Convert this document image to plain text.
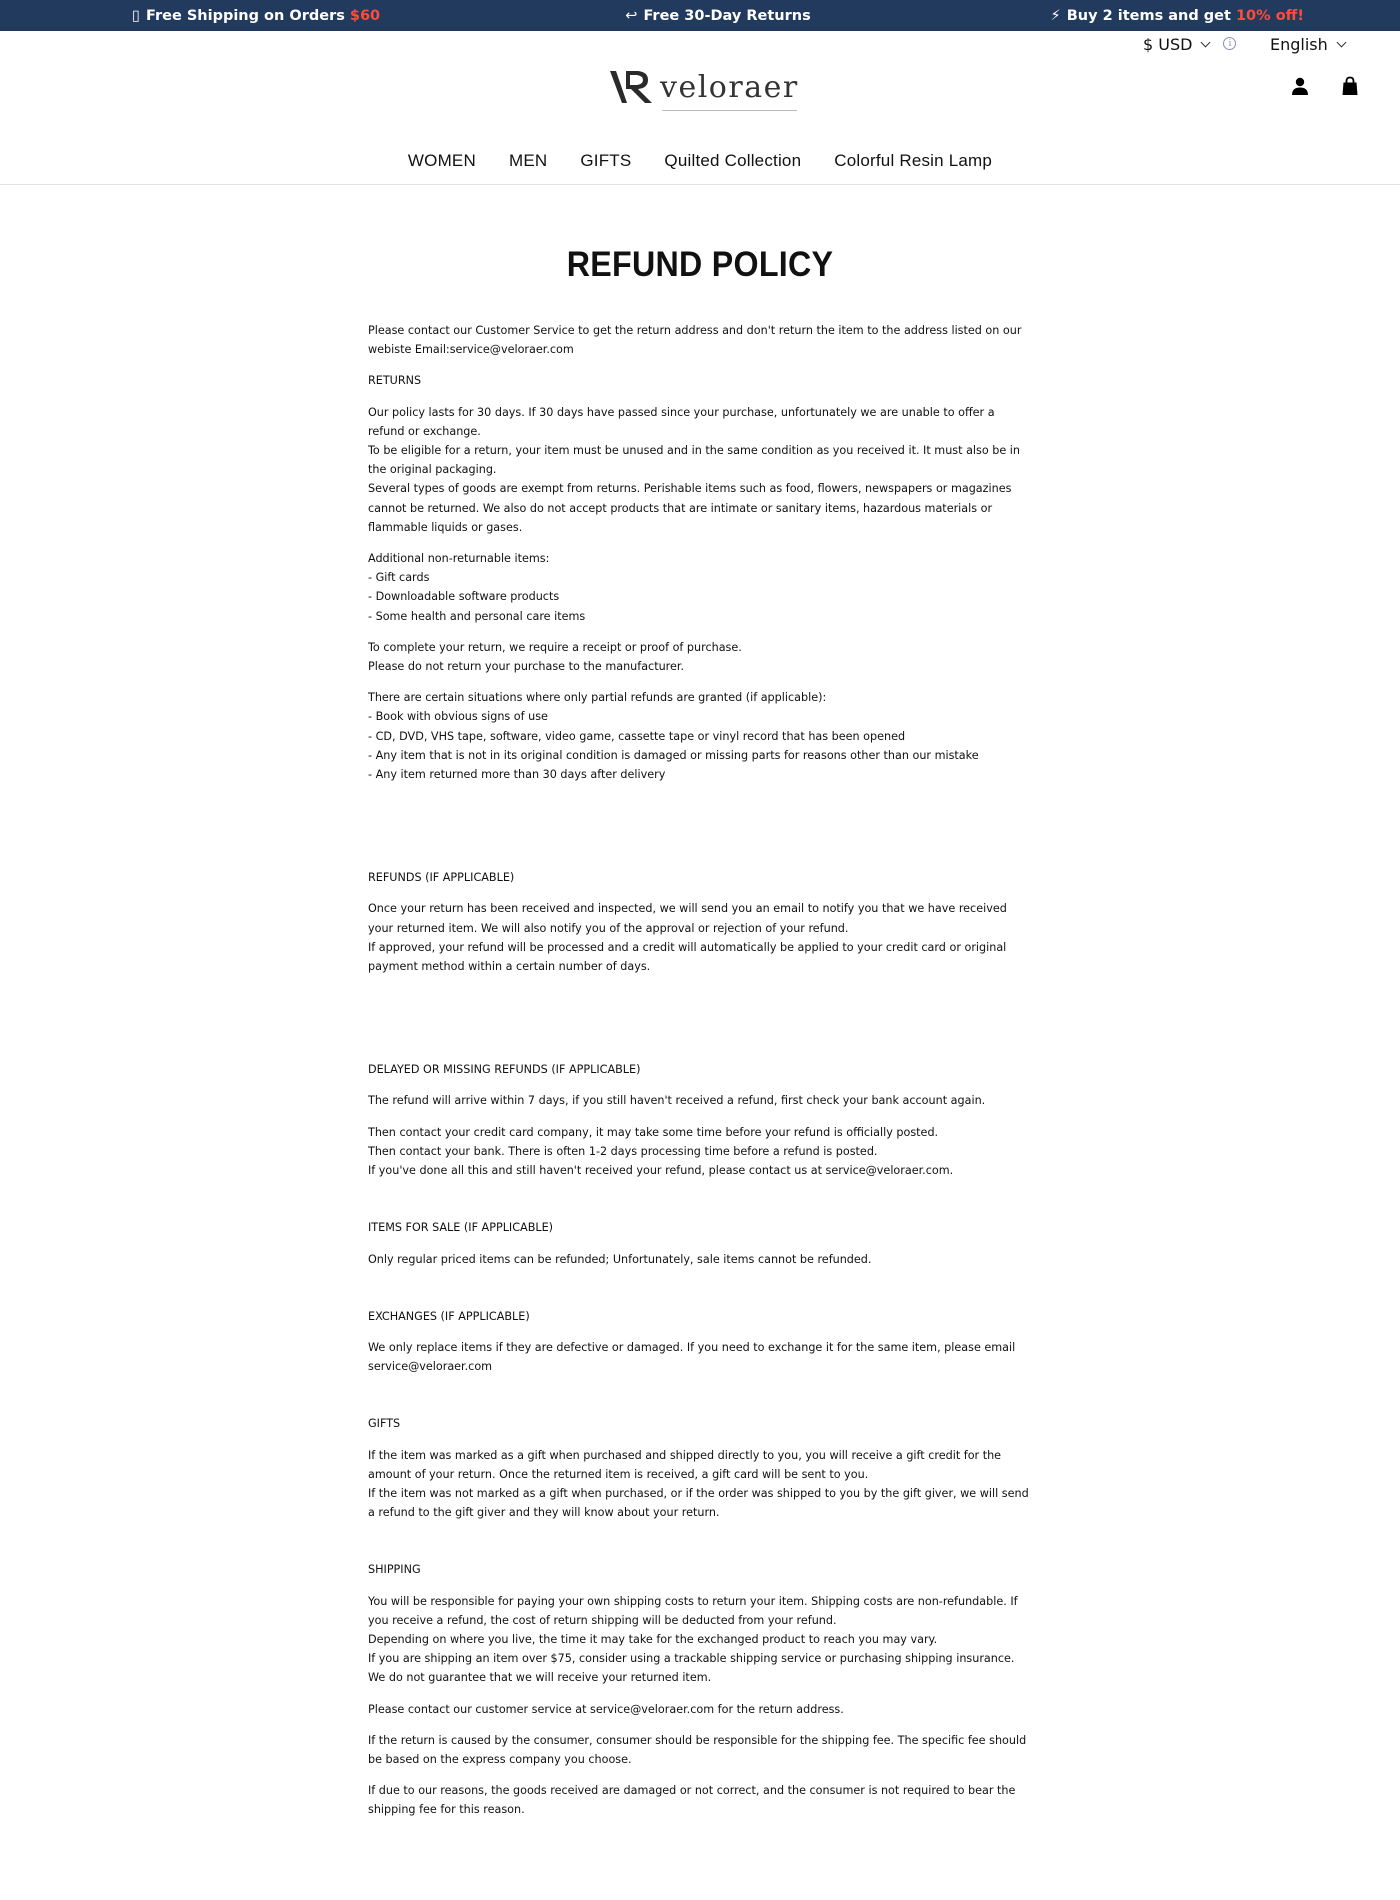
▯ Free Shipping on Orders $60	↩ Free 30-Day Returns	⚡ Buy 2 items and get 10% off!
$ USD	i	English
veloraer
WOMEN MEN GIFTS Quilted Collection Colorful Resin Lamp
REFUND POLICY

Please contact our Customer Service to get the return address and don't return the item to the address listed on our webiste Email:service@veloraer.com

RETURNS

Our policy lasts for 30 days. If 30 days have passed since your purchase, unfortunately we are unable to offer a refund or exchange.
To be eligible for a return, your item must be unused and in the same condition as you received it. It must also be in the original packaging.
Several types of goods are exempt from returns. Perishable items such as food, flowers, newspapers or magazines cannot be returned. We also do not accept products that are intimate or sanitary items, hazardous materials or flammable liquids or gases.

Additional non-returnable items:
- Gift cards
- Downloadable software products
- Some health and personal care items

To complete your return, we require a receipt or proof of purchase.
Please do not return your purchase to the manufacturer.

There are certain situations where only partial refunds are granted (if applicable):
- Book with obvious signs of use
- CD, DVD, VHS tape, software, video game, cassette tape or vinyl record that has been opened
- Any item that is not in its original condition is damaged or missing parts for reasons other than our mistake
- Any item returned more than 30 days after delivery

REFUNDS (IF APPLICABLE)

Once your return has been received and inspected, we will send you an email to notify you that we have received your returned item. We will also notify you of the approval or rejection of your refund.
If approved, your refund will be processed and a credit will automatically be applied to your credit card or original payment method within a certain number of days.

DELAYED OR MISSING REFUNDS (IF APPLICABLE)

The refund will arrive within 7 days, if you still haven't received a refund, first check your bank account again.

Then contact your credit card company, it may take some time before your refund is officially posted.
Then contact your bank. There is often 1-2 days processing time before a refund is posted.
If you've done all this and still haven't received your refund, please contact us at service@veloraer.com.

ITEMS FOR SALE (IF APPLICABLE)

Only regular priced items can be refunded; Unfortunately, sale items cannot be refunded.

EXCHANGES (IF APPLICABLE)

We only replace items if they are defective or damaged. If you need to exchange it for the same item, please email
service@veloraer.com

GIFTS

If the item was marked as a gift when purchased and shipped directly to you, you will receive a gift credit for the amount of your return. Once the returned item is received, a gift card will be sent to you.
If the item was not marked as a gift when purchased, or if the order was shipped to you by the gift giver, we will send a refund to the gift giver and they will know about your return.

SHIPPING

You will be responsible for paying your own shipping costs to return your item. Shipping costs are non-refundable. If you receive a refund, the cost of return shipping will be deducted from your refund.
Depending on where you live, the time it may take for the exchanged product to reach you may vary.
If you are shipping an item over $75, consider using a trackable shipping service or purchasing shipping insurance.
We do not guarantee that we will receive your returned item.

Please contact our customer service at service@veloraer.com for the return address.

If the return is caused by the consumer, consumer should be responsible for the shipping fee. The specific fee should be based on the express company you choose.

If due to our reasons, the goods received are damaged or not correct, and the consumer is not required to bear the shipping fee for this reason.
